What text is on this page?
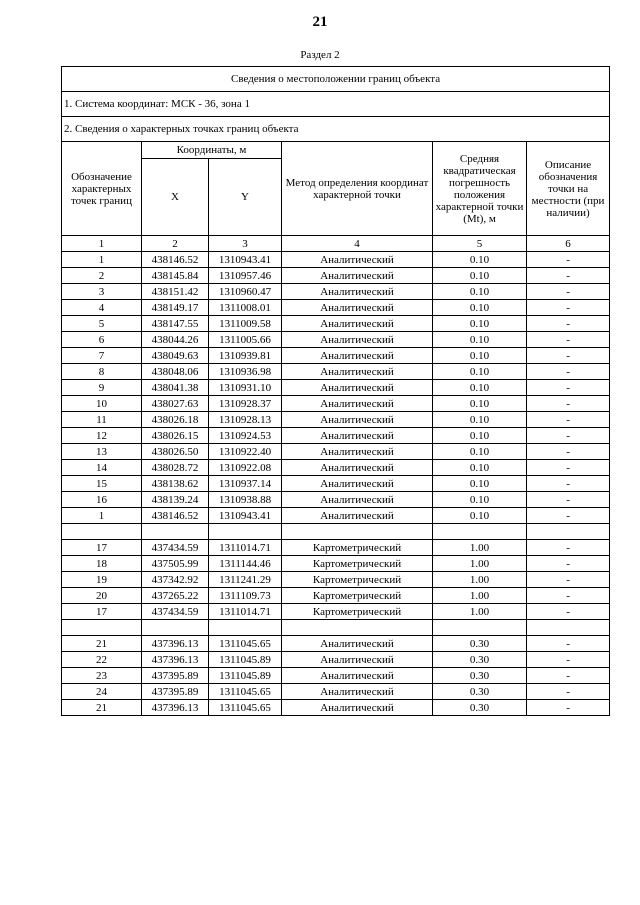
21
Раздел 2
Сведения о местоположении границ объекта					
1. Система координат: МСК - 36, зона 1					
2. Сведения о характерных точках границ объекта					
Обозначение характерных точек границ	Координаты, м		Метод определения координат характерной точки	Средняя квадратическая погрешность положения характерной точки (Mt), м	Описание обозначения точки на местности (при наличии)
	X	Y			
1	2	3	4	5	6
1	438146.52	1310943.41	Аналитический	0.10	-
2	438145.84	1310957.46	Аналитический	0.10	-
3	438151.42	1310960.47	Аналитический	0.10	-
4	438149.17	1311008.01	Аналитический	0.10	-
5	438147.55	1311009.58	Аналитический	0.10	-
6	438044.26	1311005.66	Аналитический	0.10	-
7	438049.63	1310939.81	Аналитический	0.10	-
8	438048.06	1310936.98	Аналитический	0.10	-
9	438041.38	1310931.10	Аналитический	0.10	-
10	438027.63	1310928.37	Аналитический	0.10	-
11	438026.18	1310928.13	Аналитический	0.10	-
12	438026.15	1310924.53	Аналитический	0.10	-
13	438026.50	1310922.40	Аналитический	0.10	-
14	438028.72	1310922.08	Аналитический	0.10	-
15	438138.62	1310937.14	Аналитический	0.10	-
16	438139.24	1310938.88	Аналитический	0.10	-
1	438146.52	1310943.41	Аналитический	0.10	-

17	437434.59	1311014.71	Картометрический	1.00	-
18	437505.99	1311144.46	Картометрический	1.00	-
19	437342.92	1311241.29	Картометрический	1.00	-
20	437265.22	1311109.73	Картометрический	1.00	-
17	437434.59	1311014.71	Картометрический	1.00	-

21	437396.13	1311045.65	Аналитический	0.30	-
22	437396.13	1311045.89	Аналитический	0.30	-
23	437395.89	1311045.89	Аналитический	0.30	-
24	437395.89	1311045.65	Аналитический	0.30	-
21	437396.13	1311045.65	Аналитический	0.30	-
